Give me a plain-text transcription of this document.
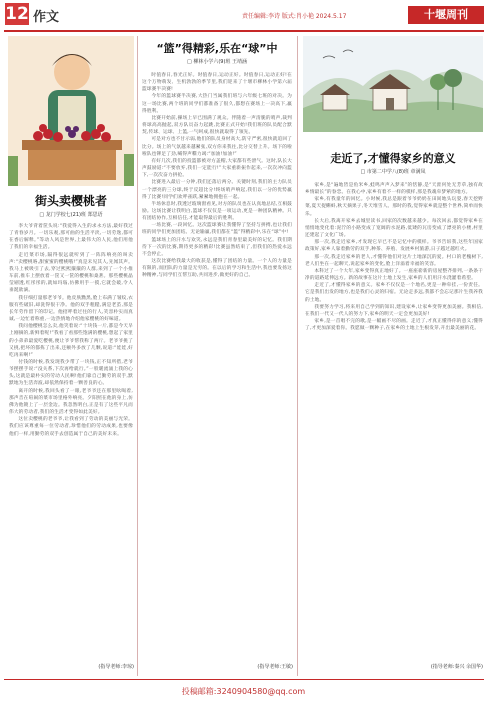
12 作文	责任编辑:李诗 版式:肖小艳 2024.5.17	十堰周刊
街头卖樱桃者
□ 龙门学校七(21)班 郑思语

李大爷背着筐头说:“我爱得入生的求永方法,最好我过了青春岁月。一切乐观,那可曲的生活平淡,一切劳逸,都可在香后解释。”等动人风是世界,上最伟大的人民,他们用他了我们的幸福生活。

走近菜市场,隔得很远就听到了一阵阵响亮的叫卖声:“卖樱桃咯,甜蜜蜜的樱桃哦!”真是未见其人,先闻其声。我马上被吸引了去,穿过熙熙攘攘的人群,来到了一个小推车前,推车上摆放着一筐又一筐的樱桃和桑葚。那些樱桃晶莹剔透,红彤彤的,就如玛瑙,仿佛用手一摸,它就会破,令人垂涎欲滴。

我仔细打量那老爷爷。他皮肤黝黑,脸上布满了皱纹,衣服有些破旧,却洗得很干净。他的双手粗糙,满是老茧,那是长年劳作留下的印记。他招呼着过往的行人,笑容朴实而真诚,一边忙着称重,一边热情地介绍他家樱桃的好味道。

我问他樱桃怎么卖,他笑着说:“十块钱一斤,都是今天早上刚摘的,新鲜着呢!”我看了看那些饱满的樱桃,想起了家里的小弟弟最爱吃樱桃,便让爷爷帮我称了两斤。老爷爷挑了又挑,把坏的都拣了出来,还额外多放了几颗,说道:“娃娃,好吃再来啊!”

付钱的时候,我发现我少带了一块钱,正不知所措,老爷爷摆摆手说:“没关系,下次再给就行。”一股暖流涌上我的心头,这就是最朴实的劳动人民啊!他们靠自己勤劳的双手,默默地为生活奔波,却依然保持着一颗善良的心。

离开的时候,我回头看了一眼,老爷爷还在那里吆喝着,那声音在喧闹的菜市场里格外响亮。夕阳照在他的身上,仿佛为他镀上了一层金边。我忽然明白,正是有了这些平凡而伟大的劳动者,我们的生活才变得如此美好。

这位卖樱桃的老爷爷,让我看到了劳动的美丽与光荣。我们应该尊重每一位劳动者,珍惜他们的劳动成果,也要像他们一样,用勤劳的双手去创造属于自己的美好未来。

(指导老师:李琼)
“篮”得精彩,乐在“球”中
□ 柳林小学六(9)班 王靖涵

时值春日,春光正好。时值春日,运动正好。时值春日,运动正好!在这个万物萌发、生机勃勃的季节里,我们迎来了十堰市柳林小学第六届篮球赛半决赛!

今年的篮球赛半决赛,大热门当属我们班与六年级七班的对决。为这一场比赛,两个班的同学们都准备了很久,都想在赛场上一决高下,赢得胜利。

比赛开始前,操场上早已围满了观众。伴随着一声清脆的哨声,裁判将球高高抛起,双方队员奋力起跳,比赛正式开始!我们班的队员配合默契,传球、运球、上篮,一气呵成,很快就取得了领先。

可是对方也不甘示弱,他们的队员身材高大,防守严密,很快就追回了比分。场上的气氛越来越紧张,双方你来我往,比分交替上升。场下的啦啦队也铆足了劲,喊得声嘶力竭:“加油!加油!”

有好几次,我们的投篮都被对方盖帽,大家都有些泄气。这时,队长大声鼓励道:“不要放弃,我们一定能行!”大家重新振作起来,一次次冲向篮下,一次次奋力拼抢。

比赛进入最后一分钟,我们还落后两分。关键时刻,我们的主力队员一个漂亮的三分球,终于反超比分!终场哨声响起,我们以一分的优势赢得了比赛!同学们欢呼雀跃,紧紧地拥抱在一起。

半场休息时,我透过玻璃窗看见,对方的队员也在认真地总结,互相鼓励。这场比赛让我明白,篮球不仅仅是一项运动,更是一种团队精神。只有团结协作,互相信任,才能取得最后的胜利。

一场比赛,一段回忆。这次篮球赛让我懂得了坚持与拼搏,也让我们班的同学们更加团结。无论输赢,我们都在“篮”得精彩中,乐在“球”中!

篮球场上的汗水与欢笑,永远是我们青春里最美好的记忆。我们期待下一次的比赛,期待更多的精彩!比赛虽然结束了,但我们的热爱永远不会停止。

这次比赛给我最大的收获是,懂得了团结的力量。一个人的力量是有限的,而团队的力量是无穷的。在以后的学习和生活中,我也要发扬这种精神,与同学们互帮互助,共同进步,做更好的自己。

(指导老师:王敏)
走近了,才懂得家乡的意义
□ 市第二中学八(8)班 章满凤

家乡,是“遍地皆是鱼米乡,蛙鸣声声入梦来”的恬静,是“天涯何处无芳草,独有故乡情最长”的眷恋。在我心中,家乡有着不一样的模样,那是我魂牵梦萦的地方。

家乡,有我童年的回忆。小时候,我总是跟着爷爷奶奶在田间地头玩耍,春天挖野菜,夏天捉蝌蚪,秋天摘果子,冬天堆雪人。那时的我,觉得家乡就是整个世界,简单而快乐。

长大后,我离开家乡去城里读书,回家的次数越来越少。每次回去,都觉得家乡在悄悄地变化着:泥泞的小路变成了宽阔的水泥路,低矮的瓦房变成了漂亮的小楼,村里还建起了文化广场。

那一次,我走近家乡,才发现它早已不是记忆中的模样。爷爷告诉我,这些年国家政策好,家乡人靠着勤劳的双手,种茶、养殖、发展乡村旅游,日子越过越红火。

那一次,我走近家乡的老人,才懂得他们对这片土地深沉的爱。村口的老槐树下,老人们坐在一起聊天,说起家乡的变化,脸上洋溢着幸福的笑容。

本科过了一个大年,家乡变得真正地好了。一座座崭新的房屋整齐排列,一条条干净的道路延伸远方。新的故事在这片土地上发生,家乡的人们用汗水浇灌着希望。

走近了,才懂得家乡的意义。家乡不仅仅是一个地名,更是一种牵挂,一份责任。它是我们出发的地方,也是我们心灵的归宿。无论走多远,我都不会忘记那片生我养我的土地。

我要努力学习,将来用自己学到的知识,建设家乡,让家乡变得更加美丽。我相信,在我们一代又一代人的努力下,家乡的明天一定会更加美好!

家乡,是一首唱不完的歌,是一幅画不尽的画。走近了,才真正懂得你的意义;懂得了,才更加深爱着你。我愿做一颗种子,在家乡的土地上生根发芽,开出最美丽的花。

(指导老师:秦兴 余国华)
投稿邮箱:3240904580@qq.com
